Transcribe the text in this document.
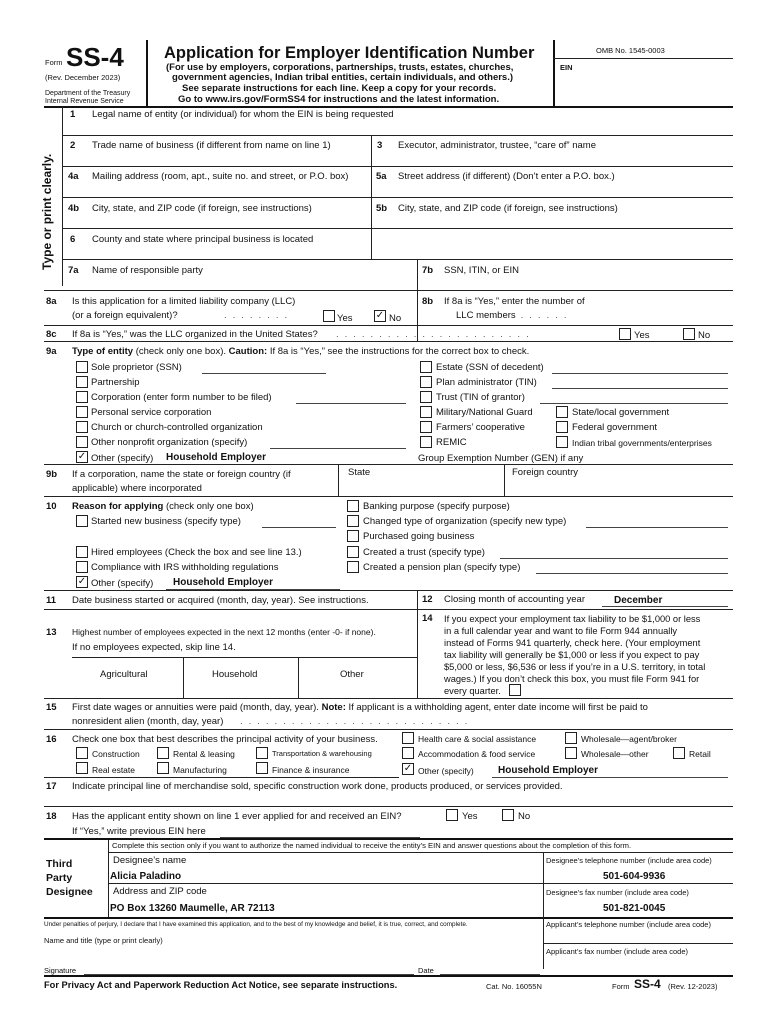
Form SS-4
(Rev. December 2023)
Department of the Treasury
Internal Revenue Service
Application for Employer Identification Number
(For use by employers, corporations, partnerships, trusts, estates, churches,
government agencies, Indian tribal entities, certain individuals, and others.)
See separate instructions for each line. Keep a copy for your records.
Go to www.irs.gov/FormSS4 for instructions and the latest information.
OMB No. 1545-0003
EIN
Type or print clearly.
1 Legal name of entity (or individual) for whom the EIN is being requested
2 Trade name of business (if different from name on line 1)	3 Executor, administrator, trustee, “care of” name
4a Mailing address (room, apt., suite no. and street, or P.O. box)	5a Street address (if different) (Don’t enter a P.O. box.)
4b City, state, and ZIP code (if foreign, see instructions)	5b City, state, and ZIP code (if foreign, see instructions)
6 County and state where principal business is located
7a Name of responsible party	7b SSN, ITIN, or EIN
8a Is this application for a limited liability company (LLC)
(or a foreign equivalent)?	........	Yes ✓ No
8b If 8a is “Yes,” enter the number of
LLC members
.......
8c If 8a is “Yes,” was the LLC organized in the United States? .......................	Yes	No
9a Type of entity (check only one box). Caution: If 8a is “Yes,” see the instructions for the correct box to check.
Sole proprietor (SSN)
Partnership
Corporation (enter form number to be filed)
Personal service corporation
Church or church-controlled organization
Other nonprofit organization (specify)
✓ Other (specify) Household Employer
Estate (SSN of decedent)
Plan administrator (TIN)
Trust (TIN of grantor)
Military/National Guard	State/local government
Farmers’ cooperative	Federal government
REMIC	Indian tribal governments/enterprises
Group Exemption Number (GEN) if any
9b If a corporation, name the state or foreign country (if
applicable) where incorporated
State	Foreign country
10 Reason for applying (check only one box)
Started new business (specify type)
Hired employees (Check the box and see line 13.)
Compliance with IRS withholding regulations
✓ Other (specify) Household Employer
Banking purpose (specify purpose)
Changed type of organization (specify new type)
Purchased going business
Created a trust (specify type)
Created a pension plan (specify type)
11 Date business started or acquired (month, day, year). See instructions.	12 Closing month of accounting year	December
13 Highest number of employees expected in the next 12 months (enter -0- if none).
If no employees expected, skip line 14.
Agricultural	Household	Other
14 If you expect your employment tax liability to be $1,000 or less
in a full calendar year and want to file Form 944 annually
instead of Forms 941 quarterly, check here. (Your employment
tax liability will generally be $1,000 or less if you expect to pay
$5,000 or less, $6,536 or less if you’re in a U.S. territory, in total
wages.) If you don’t check this box, you must file Form 941 for
every quarter.
15 First date wages or annuities were paid (month, day, year). Note: If applicant is a withholding agent, enter date income will first be paid to
nonresident alien (month, day, year) ...........................
16 Check one box that best describes the principal activity of your business.	Health care & social assistance	Wholesale—agent/broker
Construction	Rental & leasing	Transportation & warehousing	Accommodation & food service	Wholesale—other	Retail
Real estate	Manufacturing	Finance & insurance	✓ Other (specify) Household Employer
17 Indicate principal line of merchandise sold, specific construction work done, products produced, or services provided.
18 Has the applicant entity shown on line 1 ever applied for and received an EIN?	Yes	No
If “Yes,” write previous EIN here
Complete this section only if you want to authorize the named individual to receive the entity’s EIN and answer questions about the completion of this form.
Third
Party
Designee
Designee’s name
Alicia Paladino
Designee’s telephone number (include area code)
501-604-9936
Address and ZIP code
PO Box 13260 Maumelle, AR 72113
Designee’s fax number (include area code)
501-821-0045
Under penalties of perjury, I declare that I have examined this application, and to the best of my knowledge and belief, it is true, correct, and complete.	Applicant’s telephone number (include area code)
Name and title (type or print clearly)
Applicant’s fax number (include area code)
Signature	Date
For Privacy Act and Paperwork Reduction Act Notice, see separate instructions.	Cat. No. 16055N	Form SS-4 (Rev. 12-2023)
